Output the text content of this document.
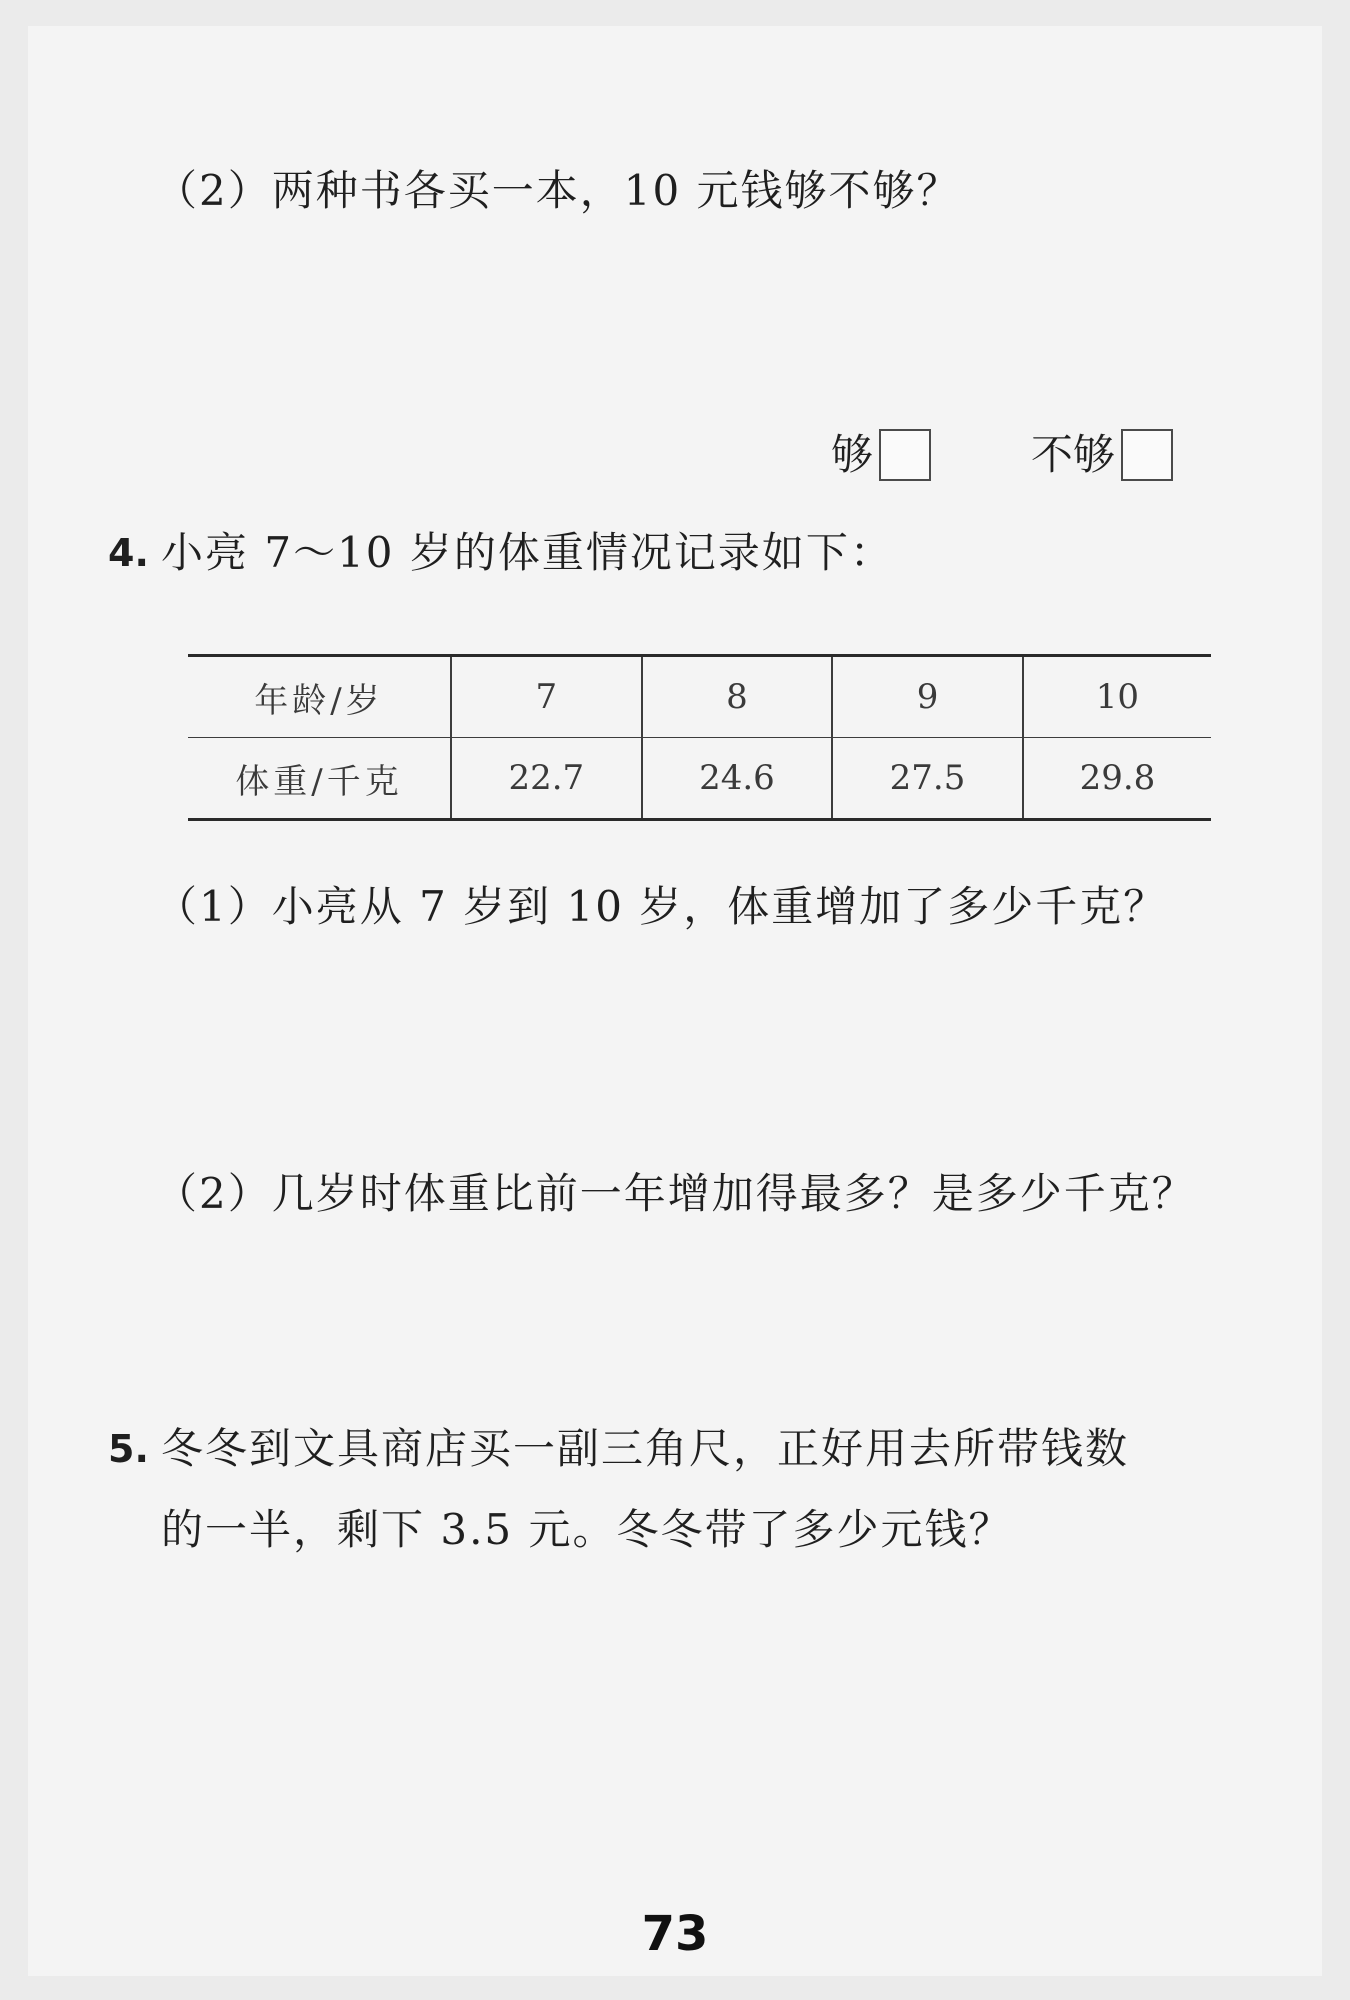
（2）两种书各买一本，10 元钱够不够？
够	不够
4. 小亮 7～10 岁的体重情况记录如下：
年龄/岁	7	8	9	10
体重/千克	22.7	24.6	27.5	29.8
（1）小亮从 7 岁到 10 岁，体重增加了多少千克？
（2）几岁时体重比前一年增加得最多？是多少千克？
5. 冬冬到文具商店买一副三角尺，正好用去所带钱数
的一半，剩下 3.5 元。冬冬带了多少元钱？
73
